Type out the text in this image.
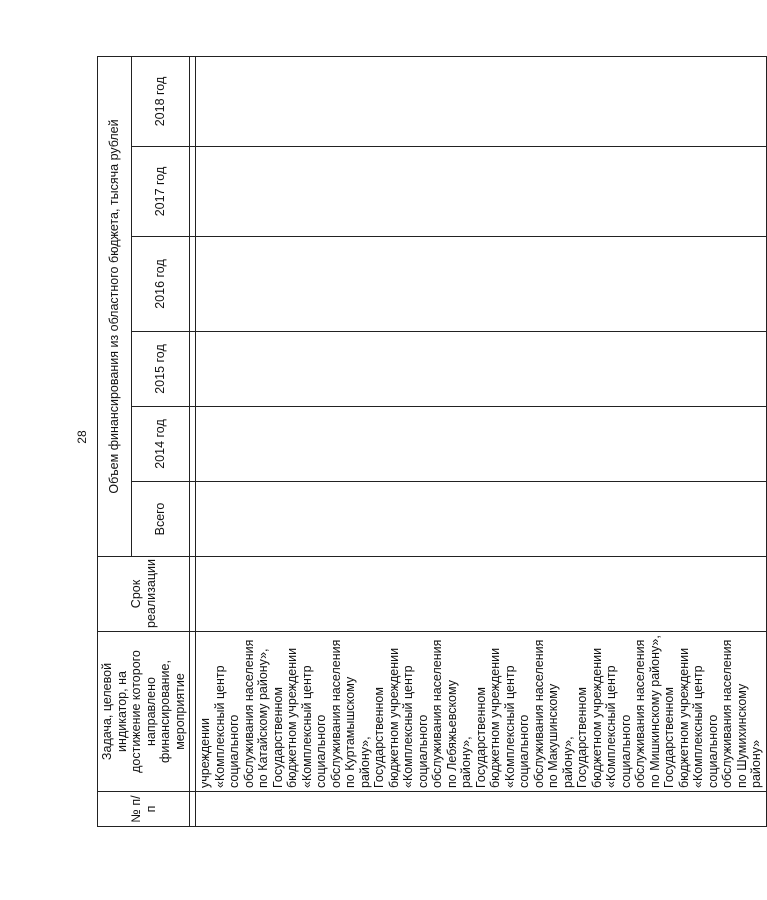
28
№ п/п	Задача, целевой индикатор, на достижение которого направлено финансирование, мероприятие	Срок реализации	Объем финансирования из областного бюджета, тысяча рублей					
			Всего	2014 год	2015 год	2016 год	2017 год	2018 год

	учреждении «Комплексный центр социального обслуживания населения по Катайскому району», Государственном бюджетном учреждении «Комплексный центр социального обслуживания населения по Куртамышскому району», Государственном бюджетном учреждении «Комплексный центр социального обслуживания населения по Лебяжьевскому району», Государственном бюджетном учреждении «Комплексный центр социального обслуживания населения по Макушинскому району», Государственном бюджетном учреждении «Комплексный центр социального обслуживания населения по Мишкинскому району», Государственном бюджетном учреждении «Комплексный центр социального обслуживания населения по Шумихинскому району»							
